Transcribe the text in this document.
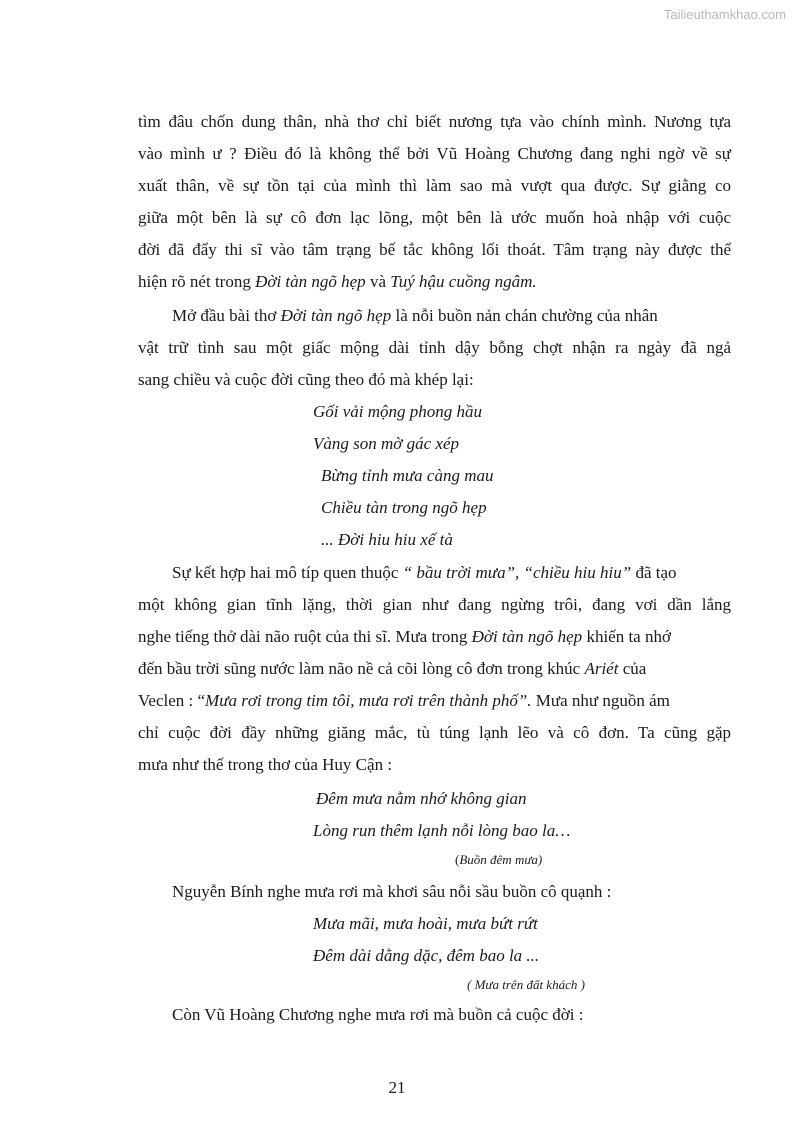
Tailieuthamkhao.com
tìm đâu chốn dung thân, nhà thơ chỉ biết nương tựa vào chính mình. Nương tựa
vào mình ư ? Điều đó là không thể bởi Vũ Hoàng Chương đang nghi ngờ về sự
xuất thân, về sự tồn tại của mình thì làm sao mà vượt qua được. Sự giằng co
giữa một bên là sự cô đơn lạc lõng, một bên là ước muốn hoà nhập với cuộc
đời đã đẩy thi sĩ vào tâm trạng bế tắc không lối thoát. Tâm trạng này được thể
hiện rõ nét trong Đời tàn ngõ hẹp và Tuý hậu cuồng ngâm.
Mở đầu bài thơ Đời tàn ngõ hẹp là nỗi buồn nản chán chường của nhân
vật trữ tình sau một giấc mộng dài tỉnh dậy bỗng chợt nhận ra ngày đã ngả
sang chiều và cuộc đời cũng theo đó mà khép lại:
Gối vải mộng phong hầu
Vàng son mờ gác xép
Bừng tỉnh mưa càng mau
Chiều tàn trong ngõ hẹp
... Đời hiu hiu xế tà
Sự kết hợp hai mô típ quen thuộc “ bầu trời mưa”, “chiều hiu hiu” đã tạo
một không gian tĩnh lặng, thời gian như đang ngừng trôi, đang vơi dần lắng
nghe tiếng thở dài não ruột của thi sĩ. Mưa trong Đời tàn ngõ hẹp khiến ta nhớ
đến bầu trời sũng nước làm não nề cả cõi lòng cô đơn trong khúc Ariét của
Veclen : “Mưa rơi trong tim tôi, mưa rơi trên thành phố”. Mưa như nguồn ám
chỉ cuộc đời đầy những giăng mắc, tù túng lạnh lẽo và cô đơn. Ta cũng gặp
mưa như thế trong thơ của Huy Cận :
Đêm mưa nằm nhớ không gian
Lòng run thêm lạnh nỗi lòng bao la…
(Buồn đêm mưa)
Nguyễn Bính nghe mưa rơi mà khơi sâu nỗi sầu buồn cô quạnh :
Mưa mãi, mưa hoài, mưa bứt rứt
Đêm dài dằng dặc, đêm bao la ...
( Mưa trên đất khách )
Còn Vũ Hoàng Chương nghe mưa rơi mà buồn cả cuộc đời :
21
